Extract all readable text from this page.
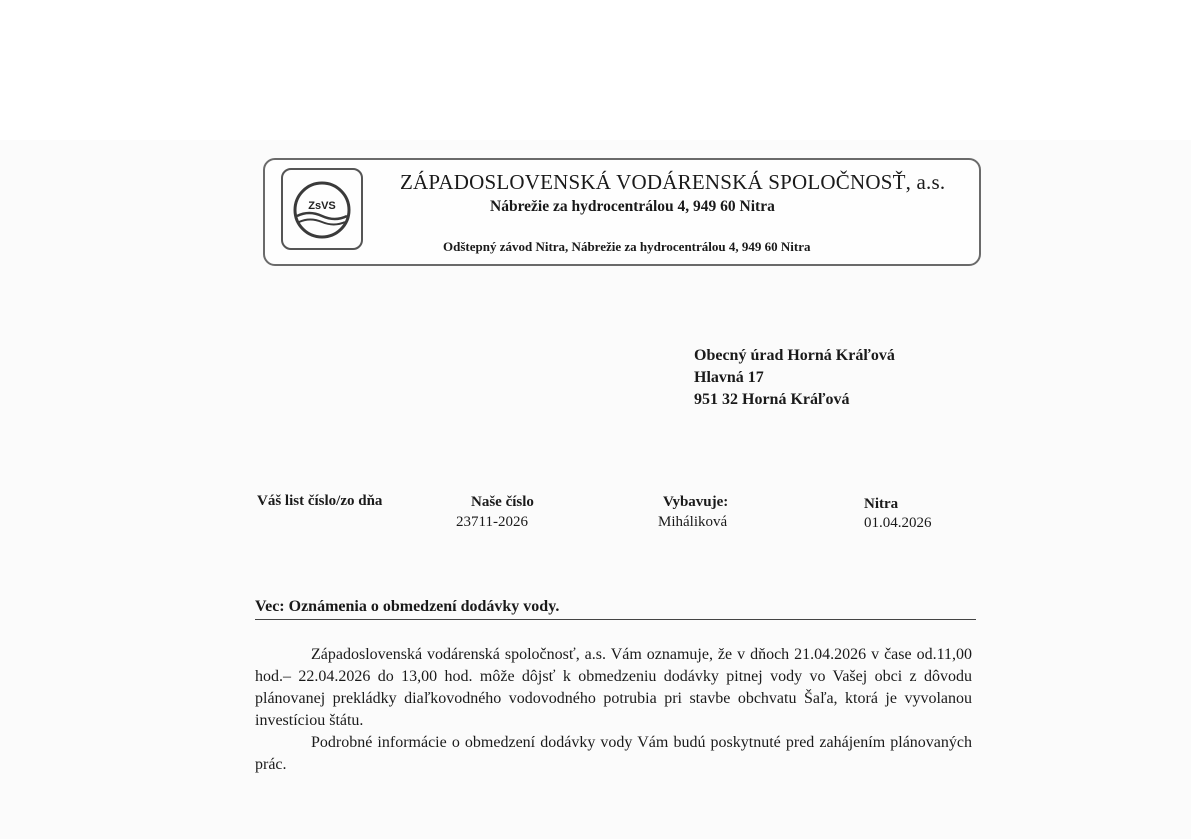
ZsVS
ZÁPADOSLOVENSKÁ VODÁRENSKÁ SPOLOČNOSŤ, a.s.
Nábrežie za hydrocentrálou 4, 949 60 Nitra
Odštepný závod Nitra, Nábrežie za hydrocentrálou 4, 949 60 Nitra
Obecný úrad Horná Kráľová
Hlavná 17
951 32 Horná Kráľová
Váš list číslo/zo dňa	Naše číslo
23711-2026
Vybavuje:
Miháliková
Nitra
01.04.2026
Vec: Oznámenia o obmedzení dodávky vody.

Západoslovenská vodárenská spoločnosť, a.s. Vám oznamuje, že v dňoch 21.04.2026 v čase od.11,00 hod.– 22.04.2026 do 13,00 hod. môže dôjsť k obmedzeniu dodávky pitnej vody vo Vašej obci z dôvodu plánovanej prekládky diaľkovodného vodovodného potrubia pri stavbe obchvatu Šaľa, ktorá je vyvolanou investíciou štátu.

Podrobné informácie o obmedzení dodávky vody Vám budú poskytnuté pred zahájením plánovaných prác.
